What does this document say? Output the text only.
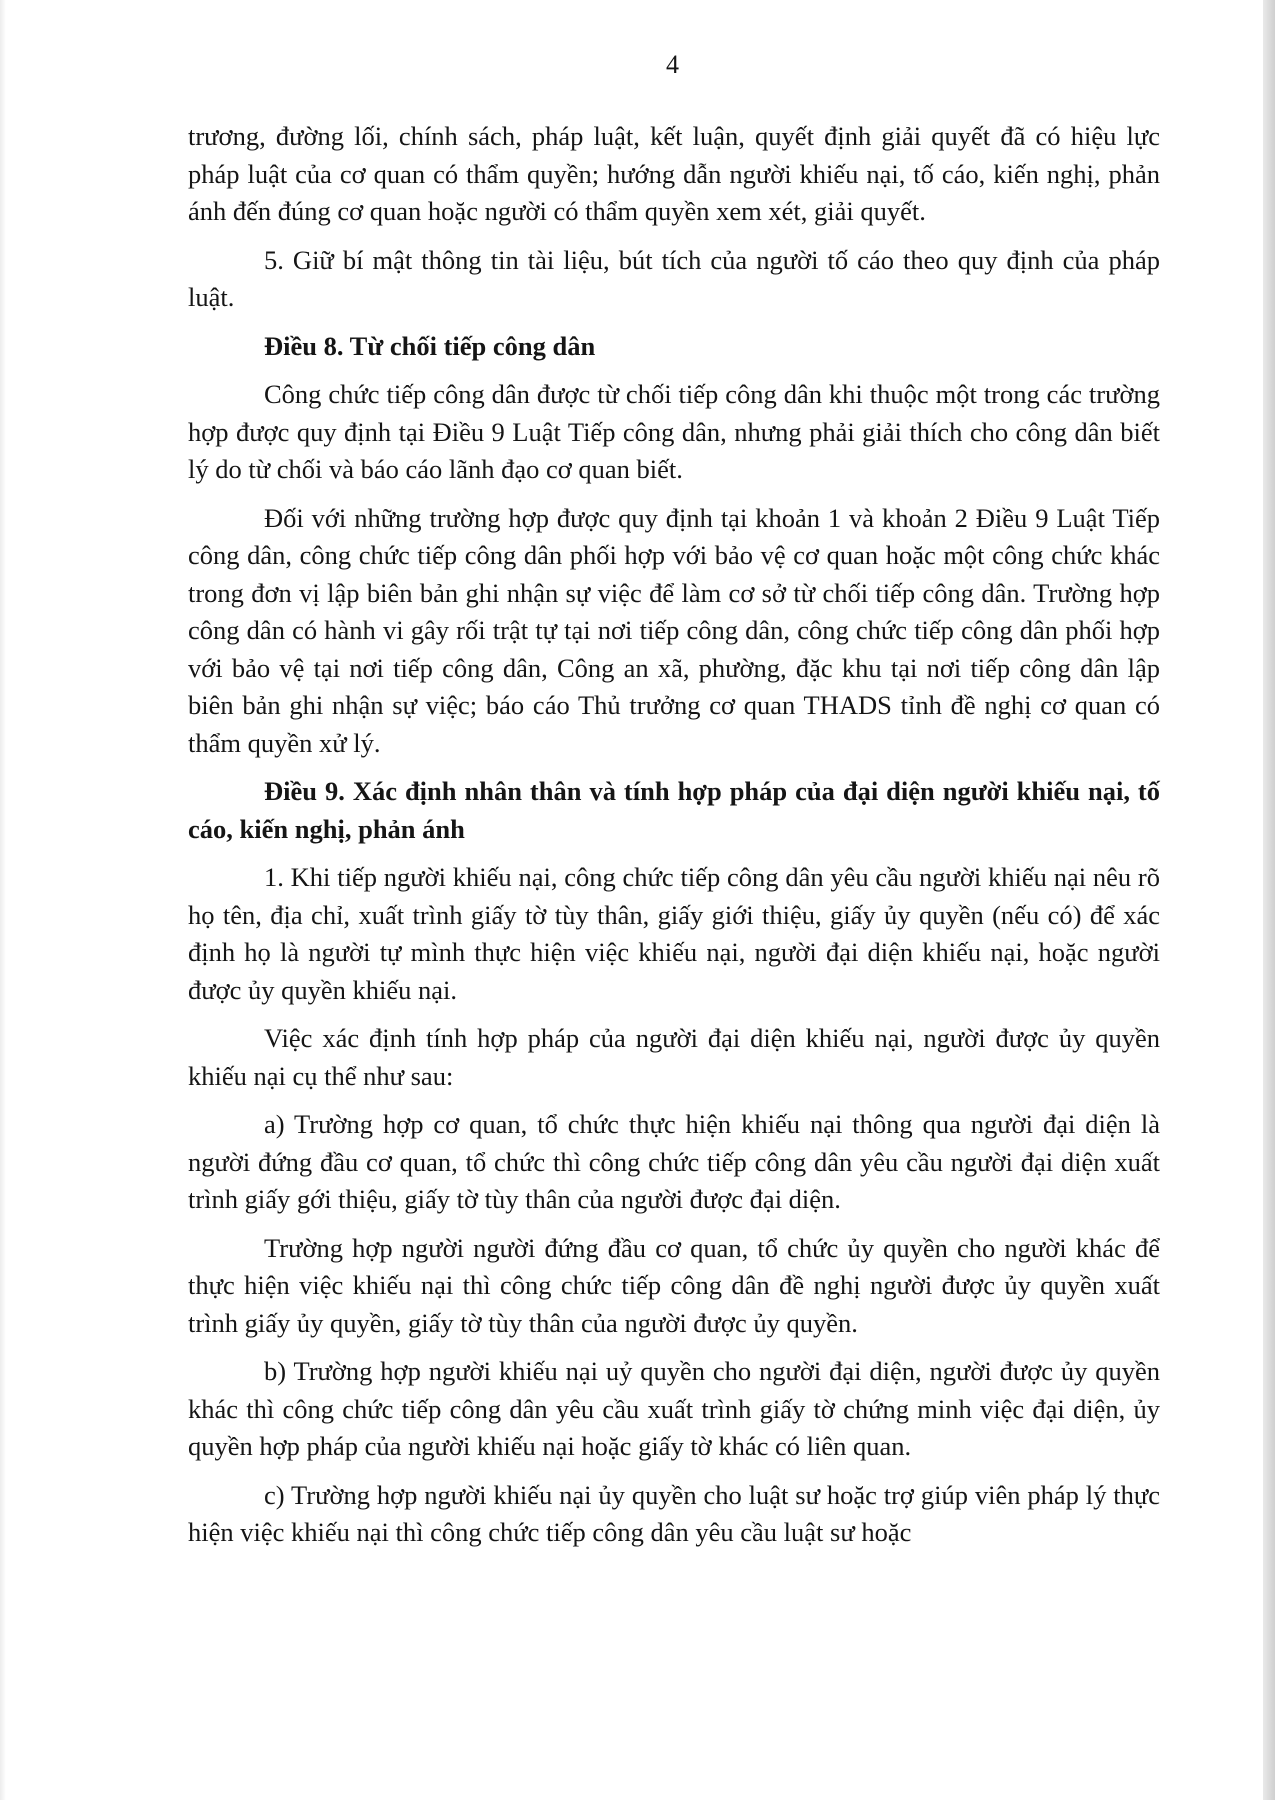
4

trương, đường lối, chính sách, pháp luật, kết luận, quyết định giải quyết đã có hiệu lực pháp luật của cơ quan có thẩm quyền; hướng dẫn người khiếu nại, tố cáo, kiến nghị, phản ánh đến đúng cơ quan hoặc người có thẩm quyền xem xét, giải quyết.

5. Giữ bí mật thông tin tài liệu, bút tích của người tố cáo theo quy định của pháp luật.

Điều 8. Từ chối tiếp công dân

Công chức tiếp công dân được từ chối tiếp công dân khi thuộc một trong các trường hợp được quy định tại Điều 9 Luật Tiếp công dân, nhưng phải giải thích cho công dân biết lý do từ chối và báo cáo lãnh đạo cơ quan biết.

Đối với những trường hợp được quy định tại khoản 1 và khoản 2 Điều 9 Luật Tiếp công dân, công chức tiếp công dân phối hợp với bảo vệ cơ quan hoặc một công chức khác trong đơn vị lập biên bản ghi nhận sự việc để làm cơ sở từ chối tiếp công dân. Trường hợp công dân có hành vi gây rối trật tự tại nơi tiếp công dân, công chức tiếp công dân phối hợp với bảo vệ tại nơi tiếp công dân, Công an xã, phường, đặc khu tại nơi tiếp công dân lập biên bản ghi nhận sự việc; báo cáo Thủ trưởng cơ quan THADS tỉnh đề nghị cơ quan có thẩm quyền xử lý.

Điều 9. Xác định nhân thân và tính hợp pháp của đại diện người khiếu nại, tố cáo, kiến nghị, phản ánh

1. Khi tiếp người khiếu nại, công chức tiếp công dân yêu cầu người khiếu nại nêu rõ họ tên, địa chỉ, xuất trình giấy tờ tùy thân, giấy giới thiệu, giấy ủy quyền (nếu có) để xác định họ là người tự mình thực hiện việc khiếu nại, người đại diện khiếu nại, hoặc người được ủy quyền khiếu nại.

Việc xác định tính hợp pháp của người đại diện khiếu nại, người được ủy quyền khiếu nại cụ thể như sau:

a) Trường hợp cơ quan, tổ chức thực hiện khiếu nại thông qua người đại diện là người đứng đầu cơ quan, tổ chức thì công chức tiếp công dân yêu cầu người đại diện xuất trình giấy gới thiệu, giấy tờ tùy thân của người được đại diện.

Trường hợp người người đứng đầu cơ quan, tổ chức ủy quyền cho người khác để thực hiện việc khiếu nại thì công chức tiếp công dân đề nghị người được ủy quyền xuất trình giấy ủy quyền, giấy tờ tùy thân của người được ủy quyền.

b) Trường hợp người khiếu nại uỷ quyền cho người đại diện, người được ủy quyền khác thì công chức tiếp công dân yêu cầu xuất trình giấy tờ chứng minh việc đại diện, ủy quyền hợp pháp của người khiếu nại hoặc giấy tờ khác có liên quan.

c) Trường hợp người khiếu nại ủy quyền cho luật sư hoặc trợ giúp viên pháp lý thực hiện việc khiếu nại thì công chức tiếp công dân yêu cầu luật sư hoặc
